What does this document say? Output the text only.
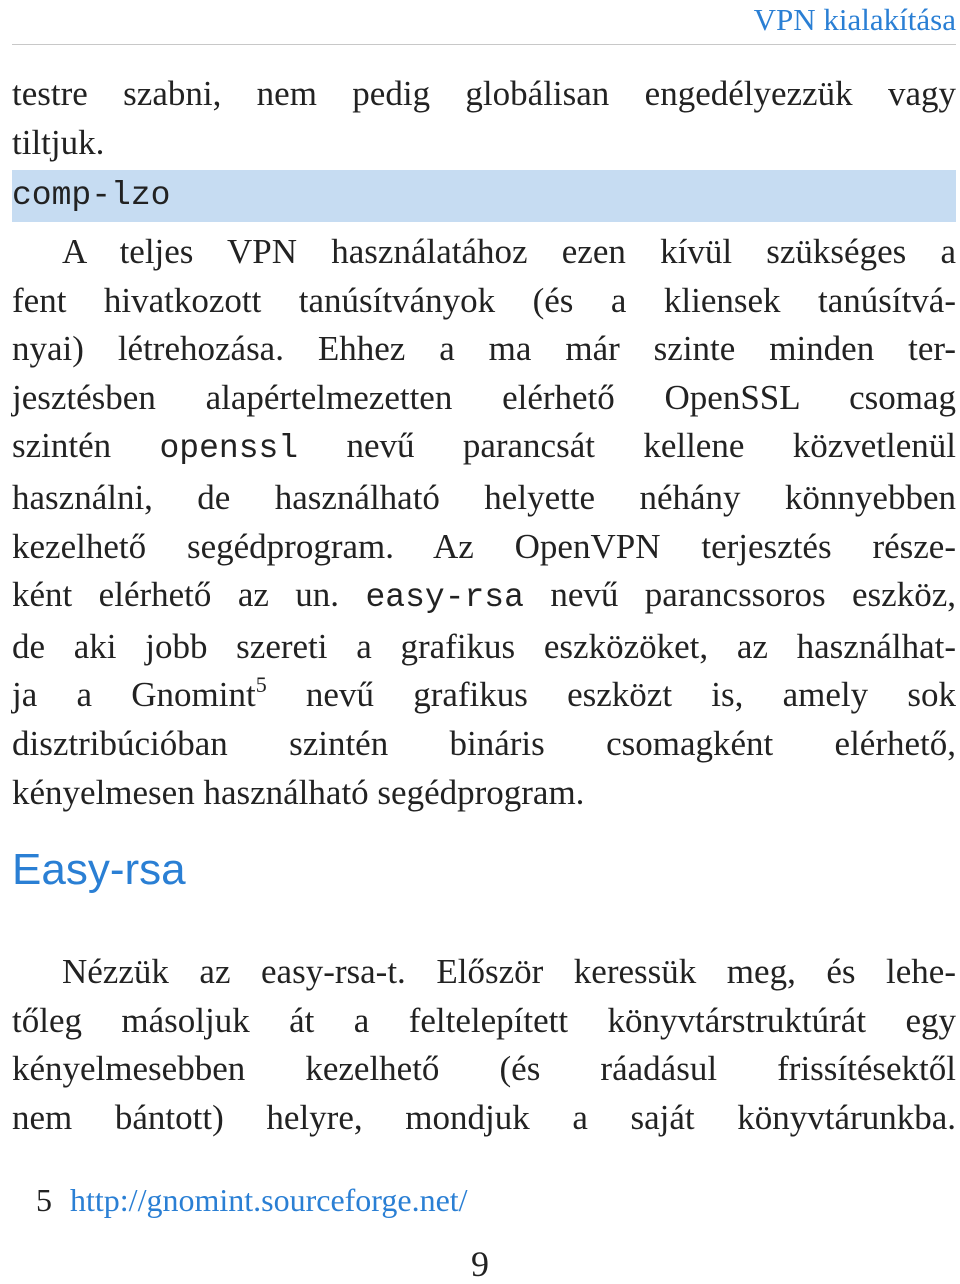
VPN kialakítása
testre szabni, nem pedig globálisan engedélyezzük vagy
tiltjuk.
comp-lzo
A teljes VPN használatához ezen kívül szükséges a
fent hivatkozott tanúsítványok (és a kliensek tanúsítvá-
nyai) létrehozása. Ehhez a ma már szinte minden ter-
jesztésben alapértelmezetten elérhető OpenSSL csomag
szintén openssl nevű parancsát kellene közvetlenül
használni, de használható helyette néhány könnyebben
kezelhető segédprogram. Az OpenVPN terjesztés része-
ként elérhető az un. easy-rsa nevű parancssoros eszköz,
de aki jobb szereti a grafikus eszközöket, az használhat-
ja a Gnomint$^5$ nevű grafikus eszközt is, amely sok
disztribúcióban szintén bináris csomagként elérhető,
kényelmesen használható segédprogram.
Easy-rsa
Nézzük az easy-rsa-t. Először keressük meg, és lehe-
tőleg másoljuk át a feltelepített könyvtárstruktúrát egy
kényelmesebben kezelhető (és ráadásul frissítésektől
nem bántott) helyre, mondjuk a saját könyvtárunkba.
5 http://gnomint.sourceforge.net/
9
